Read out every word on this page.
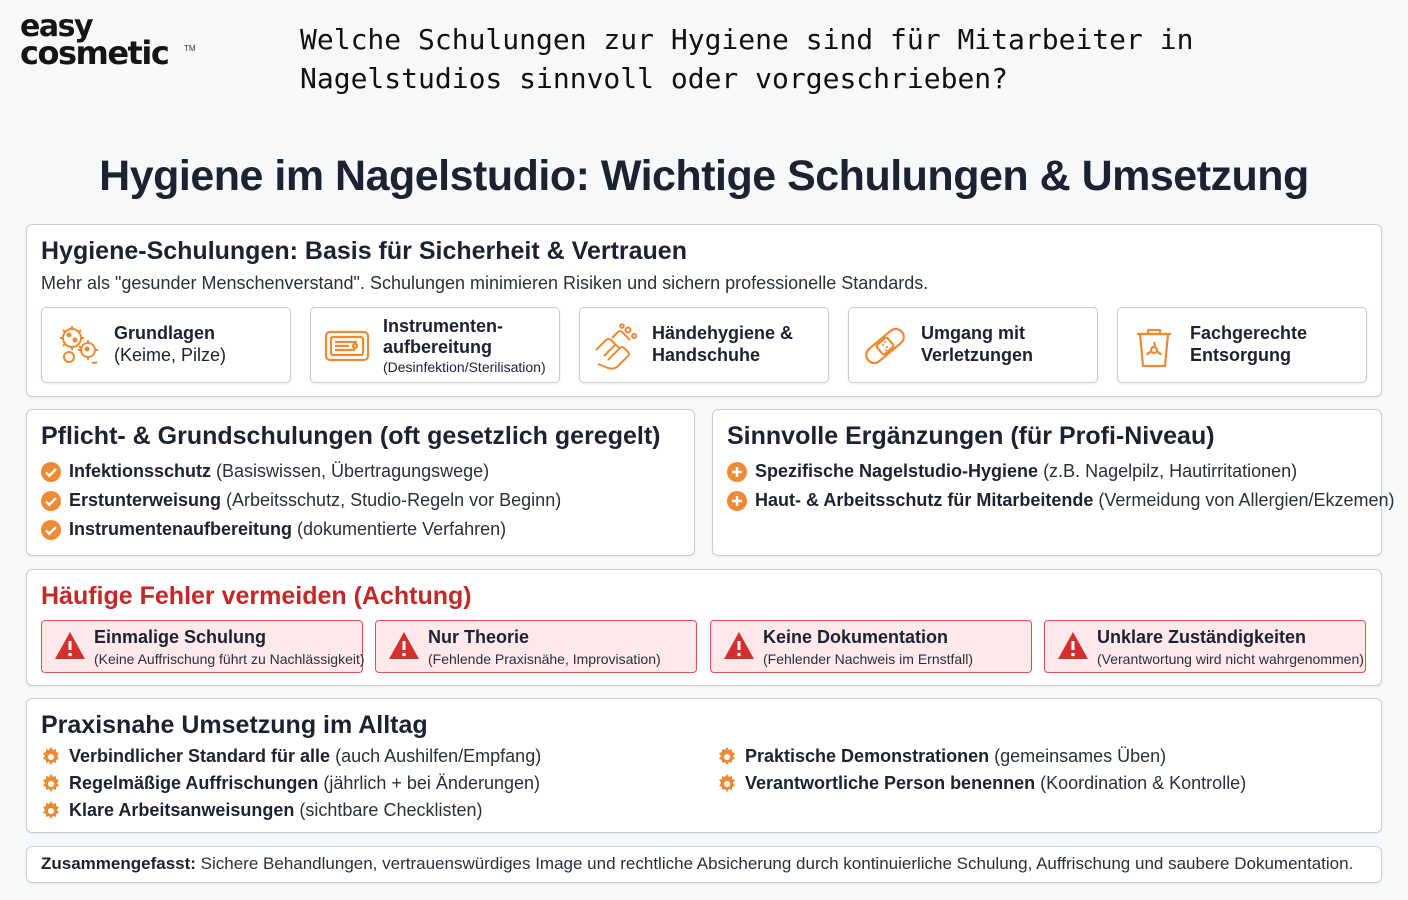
easy
cosmetic	TM	Welche Schulungen zur Hygiene sind für Mitarbeiter in Nagelstudios sinnvoll oder vorgeschrieben?
Hygiene im Nagelstudio: Wichtige Schulungen & Umsetzung
Hygiene-Schulungen: Basis für Sicherheit & Vertrauen
Mehr als "gesunder Menschenverstand". Schulungen minimieren Risiken und sichern professionelle Standards.
Grundlagen
(Keime, Pilze)
Instrumenten-
aufbereitung
(Desinfektion/Sterilisation)
Händehygiene &
Handschuhe
Umgang mit
Verletzungen
Fachgerechte
Entsorgung
Pflicht- & Grundschulungen (oft gesetzlich geregelt)
Infektionsschutz (Basiswissen, Übertragungswege)
Erstunterweisung (Arbeitsschutz, Studio-Regeln vor Beginn)
Instrumentenaufbereitung (dokumentierte Verfahren)
Sinnvolle Ergänzungen (für Profi-Niveau)
Spezifische Nagelstudio-Hygiene (z.B. Nagelpilz, Hautirritationen)
Haut- & Arbeitsschutz für Mitarbeitende (Vermeidung von Allergien/Ekzemen)
Häufige Fehler vermeiden (Achtung)
Einmalige Schulung
(Keine Auffrischung führt zu Nachlässigkeit)
Nur Theorie
(Fehlende Praxisnähe, Improvisation)
Keine Dokumentation
(Fehlender Nachweis im Ernstfall)
Unklare Zuständigkeiten
(Verantwortung wird nicht wahrgenommen)
Praxisnahe Umsetzung im Alltag
Verbindlicher Standard für alle (auch Aushilfen/Empfang)
Regelmäßige Auffrischungen (jährlich + bei Änderungen)
Klare Arbeitsanweisungen (sichtbare Checklisten)
Praktische Demonstrationen (gemeinsames Üben)
Verantwortliche Person benennen (Koordination & Kontrolle)
Zusammengefasst: Sichere Behandlungen, vertrauenswürdiges Image und rechtliche Absicherung durch kontinuierliche Schulung, Auffrischung und saubere Dokumentation.
